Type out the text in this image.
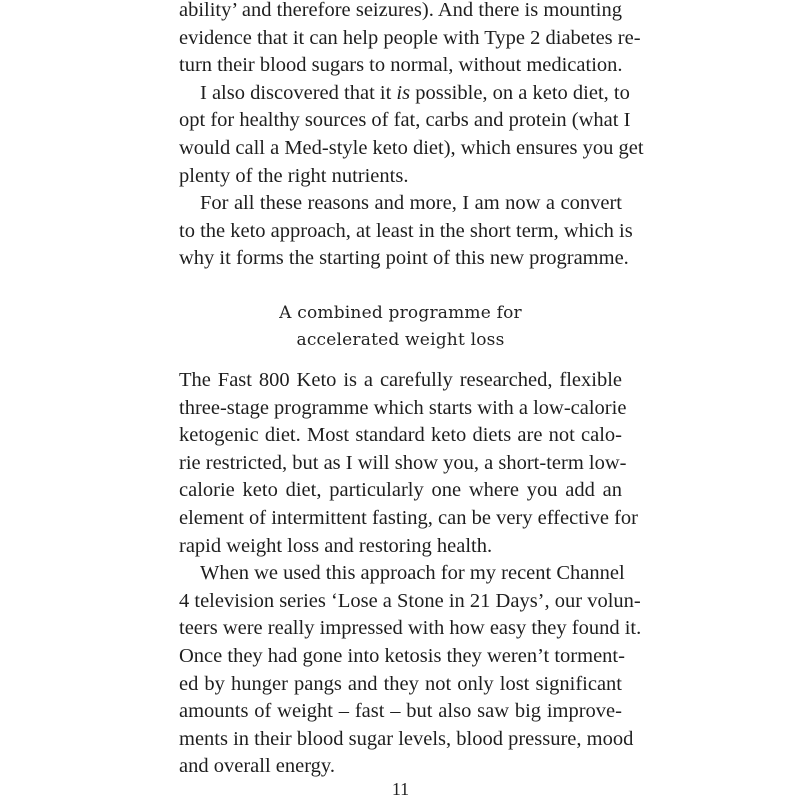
ability’ and therefore seizures). And there is mounting
evidence that it can help people with Type 2 diabetes re-
turn their blood sugars to normal, without medication.
I also discovered that it is possible, on a keto diet, to
opt for healthy sources of fat, carbs and protein (what I
would call a Med-style keto diet), which ensures you get
plenty of the right nutrients.
For all these reasons and more, I am now a convert
to the keto approach, at least in the short term, which is
why it forms the starting point of this new programme.
A combined programme for
accelerated weight loss
The Fast 800 Keto is a carefully researched, flexible
three-stage programme which starts with a low-calorie
ketogenic diet. Most standard keto diets are not calo-
rie restricted, but as I will show you, a short-term low-
calorie keto diet, particularly one where you add an
element of intermittent fasting, can be very effective for
rapid weight loss and restoring health.
When we used this approach for my recent Channel
4 television series ‘Lose a Stone in 21 Days’, our volun-
teers were really impressed with how easy they found it.
Once they had gone into ketosis they weren’t torment-
ed by hunger pangs and they not only lost significant
amounts of weight – fast – but also saw big improve-
ments in their blood sugar levels, blood pressure, mood
and overall energy.
11
